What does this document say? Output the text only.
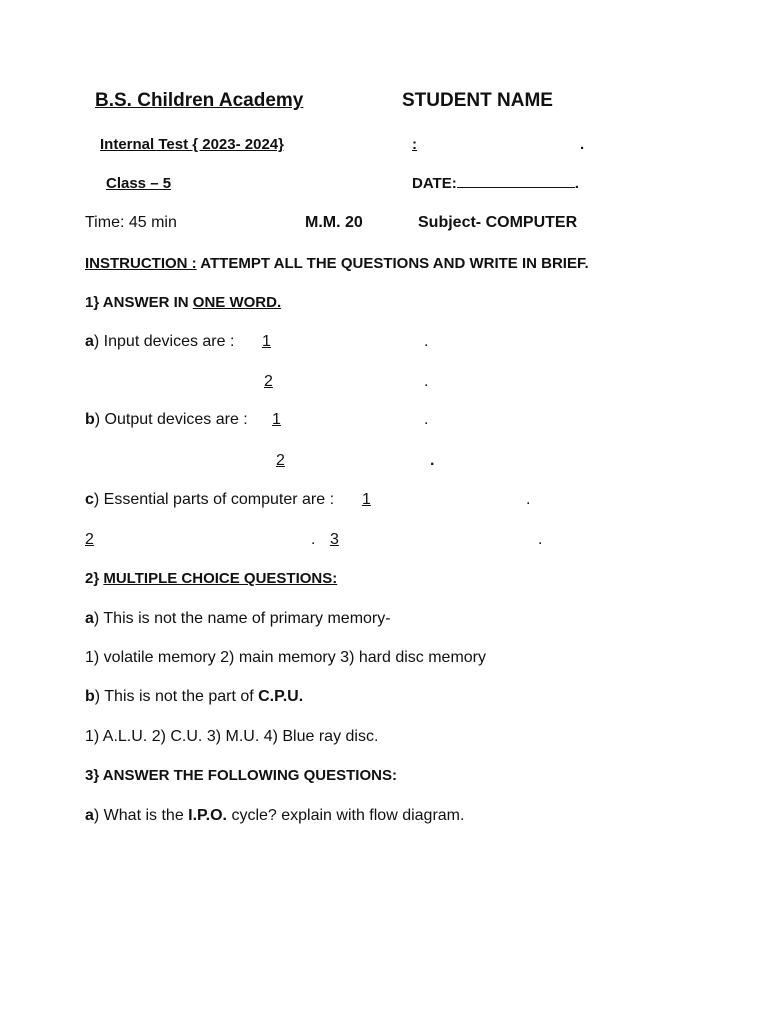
B.S. Children Academy	STUDENT NAME
Internal Test { 2023- 2024}	:	.
Class – 5	DATE:	.
Time: 45 min	M.M. 20	Subject- COMPUTER
INSTRUCTION : ATTEMPT ALL THE QUESTIONS AND WRITE IN BRIEF.
1} ANSWER IN ONE WORD.
a) Input devices are :	1	.
2	.
b) Output devices are :	1	.
2	.
c) Essential parts of computer are :	1	.
2	. 3	.
2} MULTIPLE CHOICE QUESTIONS:
a) This is not the name of primary memory-
1) volatile memory 2) main memory 3) hard disc memory
b) This is not the part of C.P.U.
1) A.L.U. 2) C.U. 3) M.U. 4) Blue ray disc.
3} ANSWER THE FOLLOWING QUESTIONS:
a) What is the I.P.O. cycle? explain with flow diagram.
